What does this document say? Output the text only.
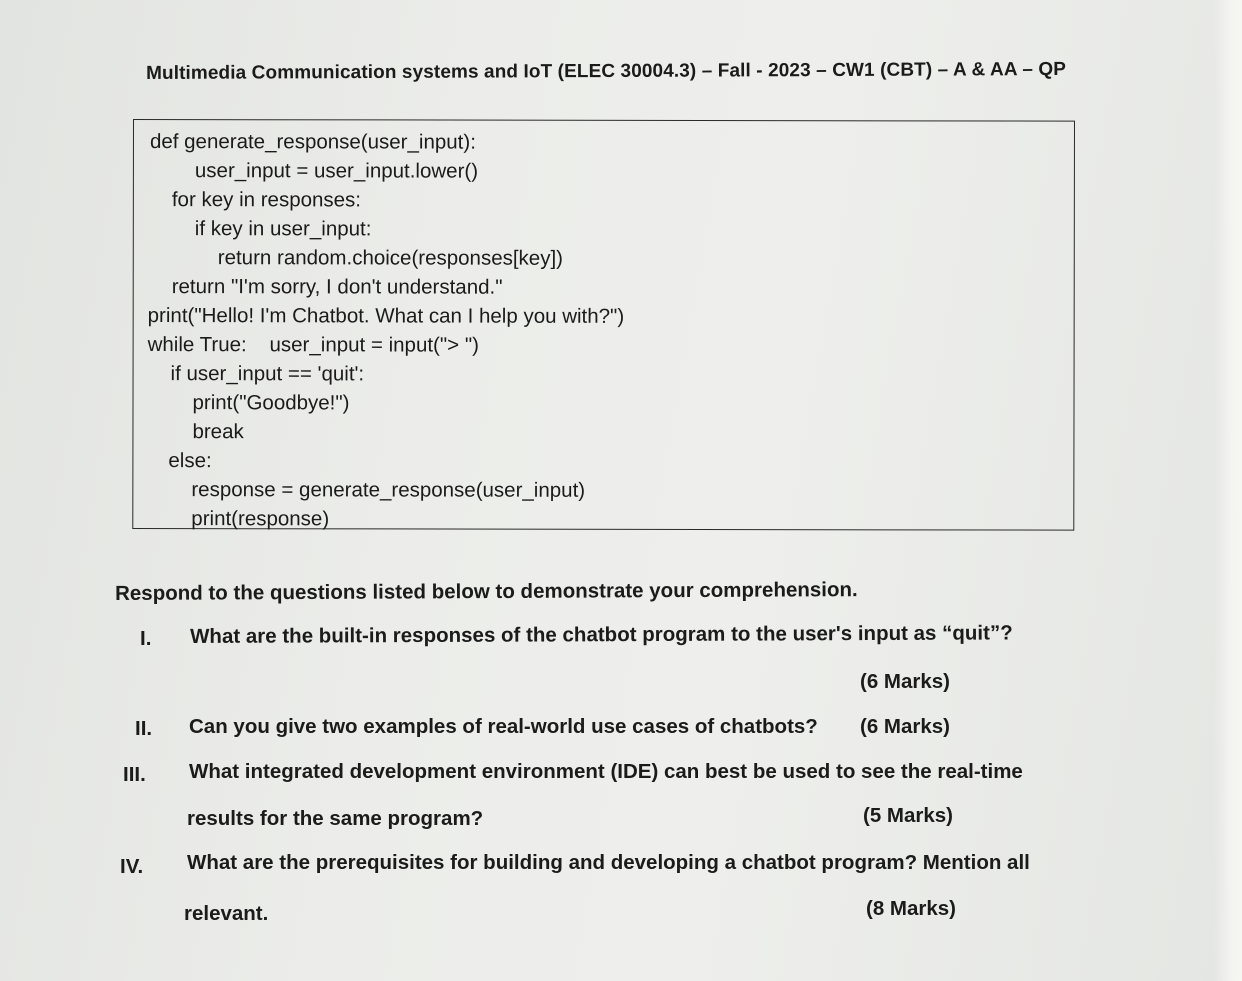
Multimedia Communication systems and IoT (ELEC 30004.3) – Fall - 2023 – CW1 (CBT) – A & AA – QP
def generate_response(user_input):
user_input = user_input.lower()
for key in responses:
if key in user_input:
return random.choice(responses[key])
return "I'm sorry, I don't understand."
print("Hello! I'm Chatbot. What can I help you with?")
while True:    user_input = input("> ")
if user_input == 'quit':
print("Goodbye!")
break
else:
response = generate_response(user_input)
print(response)
Respond to the questions listed below to demonstrate your comprehension.
I. What are the built-in responses of the chatbot program to the user's input as “quit”?
(6 Marks)
II. Can you give two examples of real-world use cases of chatbots? (6 Marks)
III. What integrated development environment (IDE) can best be used to see the real-time
results for the same program?	(5 Marks)
IV. What are the prerequisites for building and developing a chatbot program? Mention all
relevant.	(8 Marks)
